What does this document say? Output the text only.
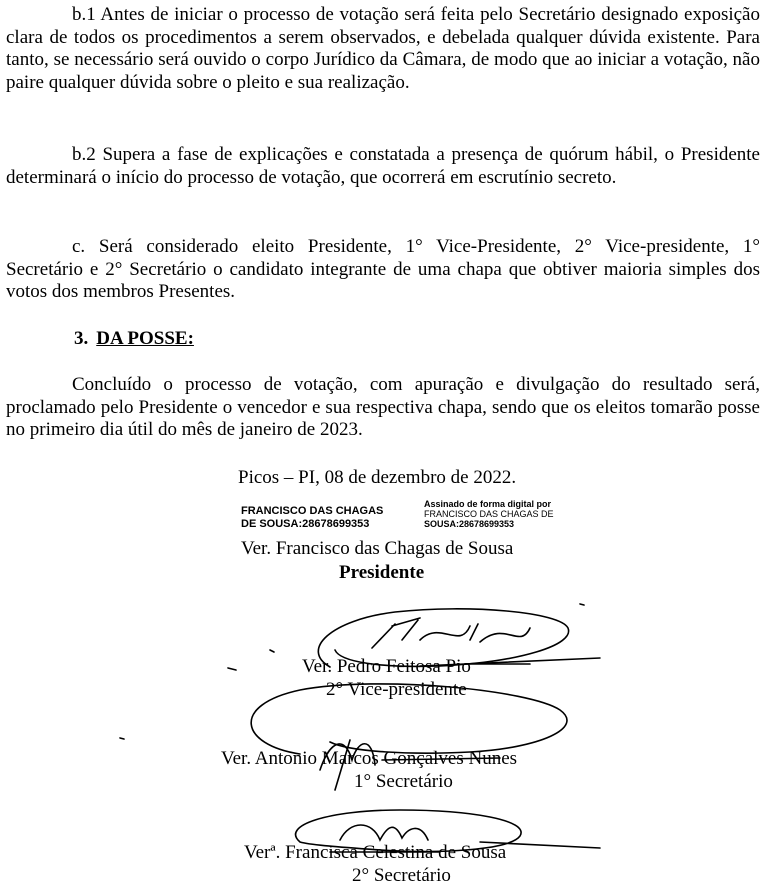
b.1 Antes de iniciar o processo de votação será feita pelo Secretário designado exposição clara de todos os procedimentos a serem observados, e debelada qualquer dúvida existente. Para tanto, se necessário será ouvido o corpo Jurídico da Câmara, de modo que ao iniciar a votação, não paire qualquer dúvida sobre o pleito e sua realização.

b.2 Supera a fase de explicações e constatada a presença de quórum hábil, o Presidente determinará o início do processo de votação, que ocorrerá em escrutínio secreto.

c. Será considerado eleito Presidente, 1° Vice-Presidente, 2° Vice-presidente, 1° Secretário e 2° Secretário o candidato integrante de uma chapa que obtiver maioria simples dos votos dos membros Presentes.

3. DA POSSE:

Concluído o processo de votação, com apuração e divulgação do resultado será, proclamado pelo Presidente o vencedor e sua respectiva chapa, sendo que os eleitos tomarão posse no primeiro dia útil do mês de janeiro de 2023.

Picos – PI, 08 de dezembro de 2022.
FRANCISCO DAS CHAGAS
DE SOUSA:28678699353
Assinado de forma digital por
FRANCISCO DAS CHAGAS DE
SOUSA:28678699353
Ver. Francisco das Chagas de Sousa
Presidente
Ver. Pedro Feitosa Pio
2° Vice-presidente
Ver. Antonio Marcos Gonçalves Nunes
1° Secretário
Verª. Francisca Celestina de Sousa
2° Secretário
